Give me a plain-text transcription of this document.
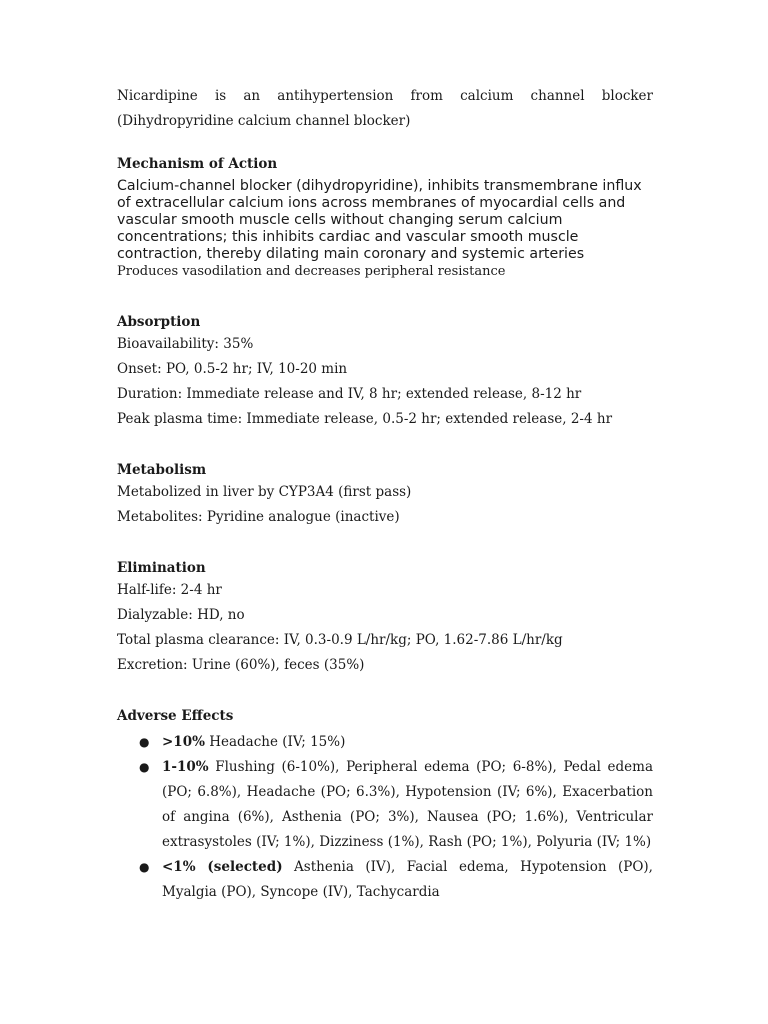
Nicardipine is an antihypertension from calcium channel blocker (Dihydropyridine calcium channel blocker)

Mechanism of Action

Calcium-channel blocker (dihydropyridine), inhibits transmembrane influx of extracellular calcium ions across membranes of myocardial cells and vascular smooth muscle cells without changing serum calcium concentrations; this inhibits cardiac and vascular smooth muscle contraction, thereby dilating main coronary and systemic arteries

Produces vasodilation and decreases peripheral resistance

Absorption

Bioavailability: 35%

Onset: PO, 0.5-2 hr; IV, 10-20 min

Duration: Immediate release and IV, 8 hr; extended release, 8-12 hr

Peak plasma time: Immediate release, 0.5-2 hr; extended release, 2-4 hr

Metabolism

Metabolized in liver by CYP3A4 (first pass)

Metabolites: Pyridine analogue (inactive)

Elimination

Half-life: 2-4 hr

Dialyzable: HD, no

Total plasma clearance: IV, 0.3-0.9 L/hr/kg; PO, 1.62-7.86 L/hr/kg

Excretion: Urine (60%), feces (35%)

Adverse Effects

● >10% Headache (IV; 15%)
● 1-10% Flushing (6-10%), Peripheral edema (PO; 6-8%), Pedal edema (PO; 6.8%), Headache (PO; 6.3%), Hypotension (IV; 6%), Exacerbation of angina (6%), Asthenia (PO; 3%), Nausea (PO; 1.6%), Ventricular extrasystoles (IV; 1%), Dizziness (1%), Rash (PO; 1%), Polyuria (IV; 1%)
● <1% (selected) Asthenia (IV), Facial edema, Hypotension (PO), Myalgia (PO), Syncope (IV), Tachycardia
